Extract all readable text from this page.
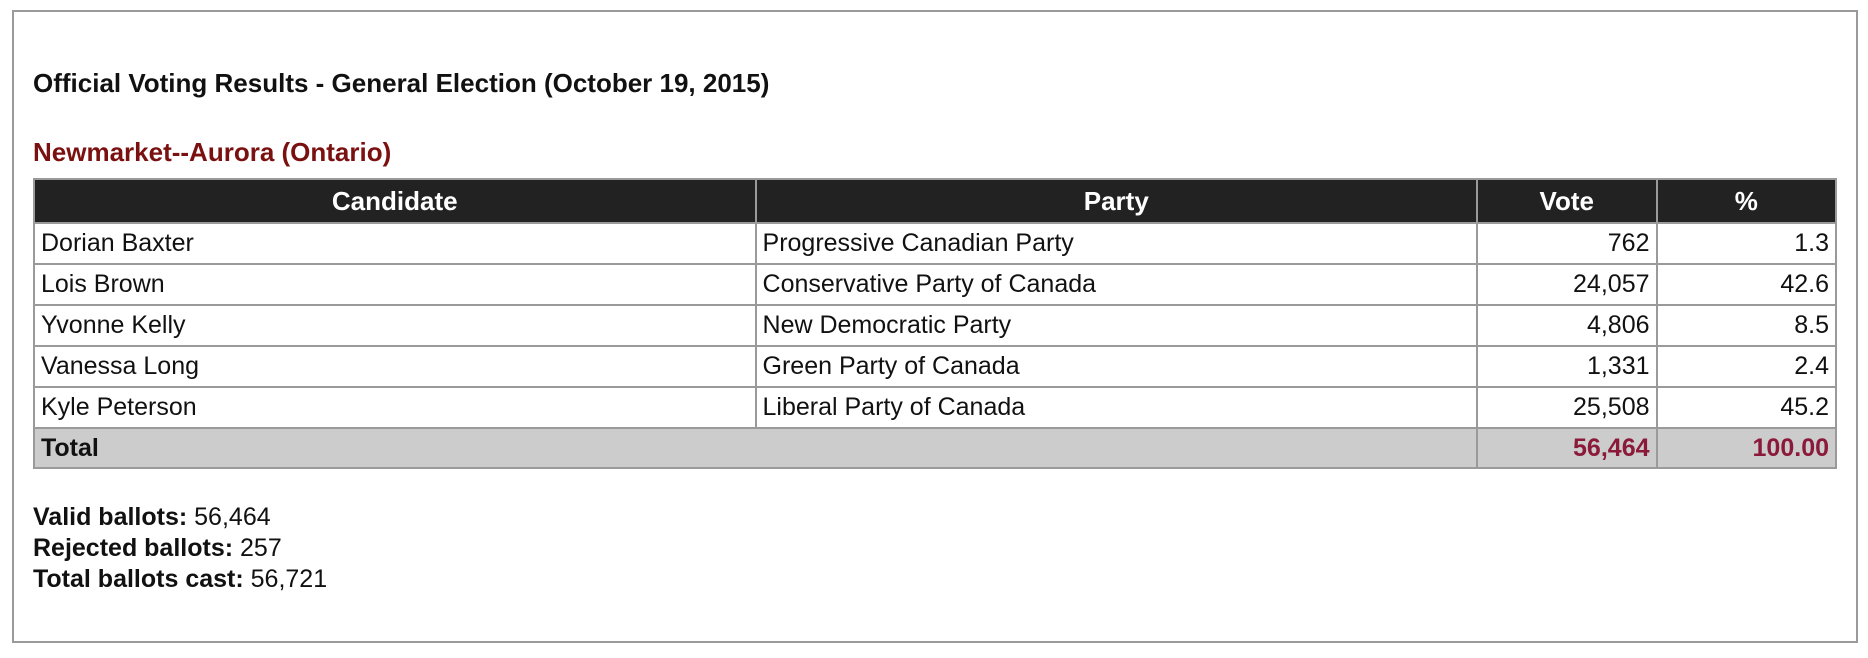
Official Voting Results - General Election (October 19, 2015)
Newmarket--Aurora (Ontario)
Candidate	Party	Vote	%
Dorian Baxter	Progressive Canadian Party	762	1.3
Lois Brown	Conservative Party of Canada	24,057	42.6
Yvonne Kelly	New Democratic Party	4,806	8.5
Vanessa Long	Green Party of Canada	1,331	2.4
Kyle Peterson	Liberal Party of Canada	25,508	45.2
Total		56,464	100.00
Valid ballots: 56,464
Rejected ballots: 257
Total ballots cast: 56,721
